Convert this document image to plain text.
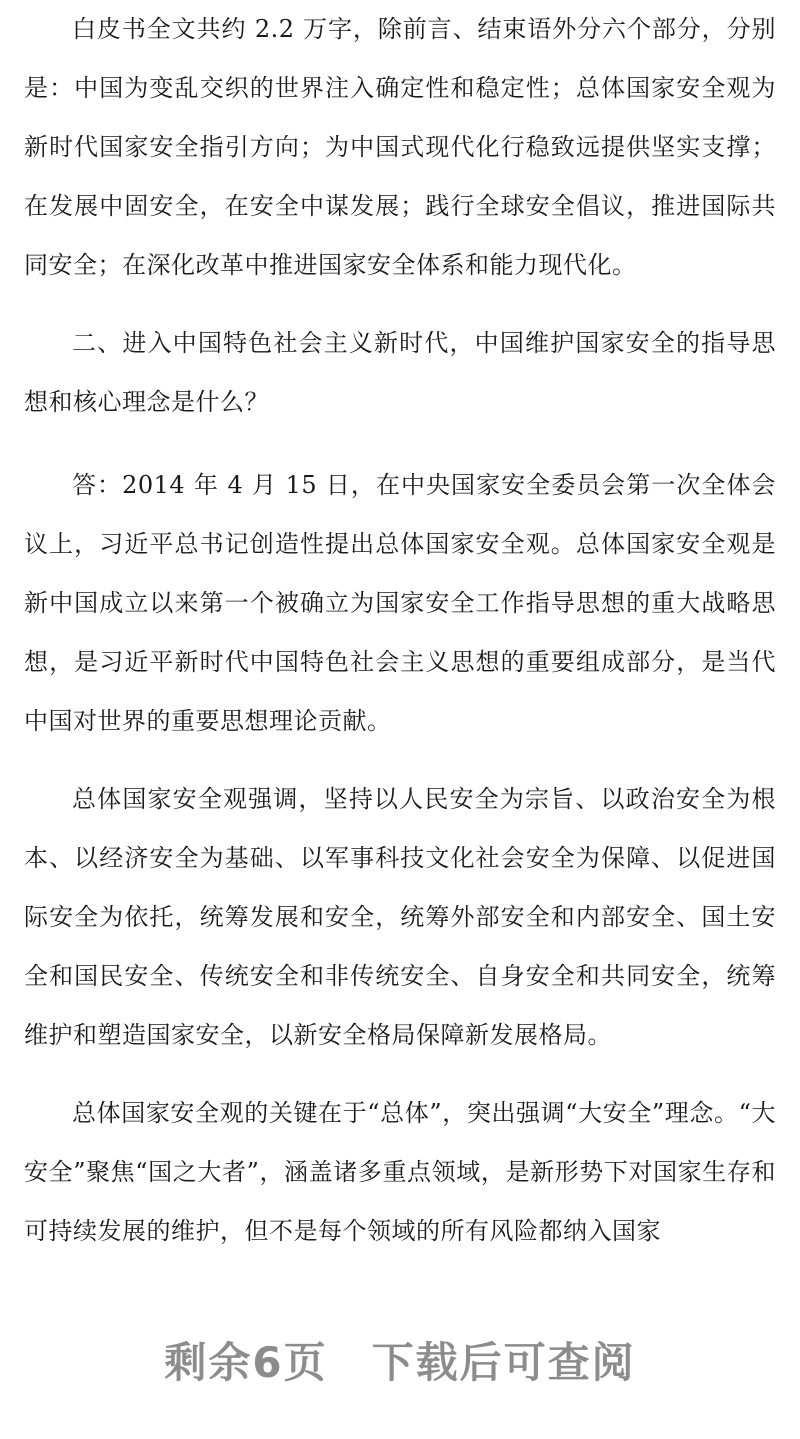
白皮书全文共约 2.2 万字，除前言、结束语外分六个部分，分别是：中国为变乱交织的世界注入确定性和稳定性；总体国家安全观为新时代国家安全指引方向；为中国式现代化行稳致远提供坚实支撑；在发展中固安全，在安全中谋发展；践行全球安全倡议，推进国际共同安全；在深化改革中推进国家安全体系和能力现代化。

二、进入中国特色社会主义新时代，中国维护国家安全的指导思想和核心理念是什么？

答：2014 年 4 月 15 日，在中央国家安全委员会第一次全体会议上，习近平总书记创造性提出总体国家安全观。总体国家安全观是新中国成立以来第一个被确立为国家安全工作指导思想的重大战略思想，是习近平新时代中国特色社会主义思想的重要组成部分，是当代中国对世界的重要思想理论贡献。

总体国家安全观强调，坚持以人民安全为宗旨、以政治安全为根本、以经济安全为基础、以军事科技文化社会安全为保障、以促进国际安全为依托，统筹发展和安全，统筹外部安全和内部安全、国土安全和国民安全、传统安全和非传统安全、自身安全和共同安全，统筹维护和塑造国家安全，以新安全格局保障新发展格局。

总体国家安全观的关键在于“总体”，突出强调“大安全”理念。“大安全”聚焦“国之大者”，涵盖诸多重点领域，是新形势下对国家生存和可持续发展的维护，但不是每个领域的所有风险都纳入国家

剩余6页 下载后可查阅
